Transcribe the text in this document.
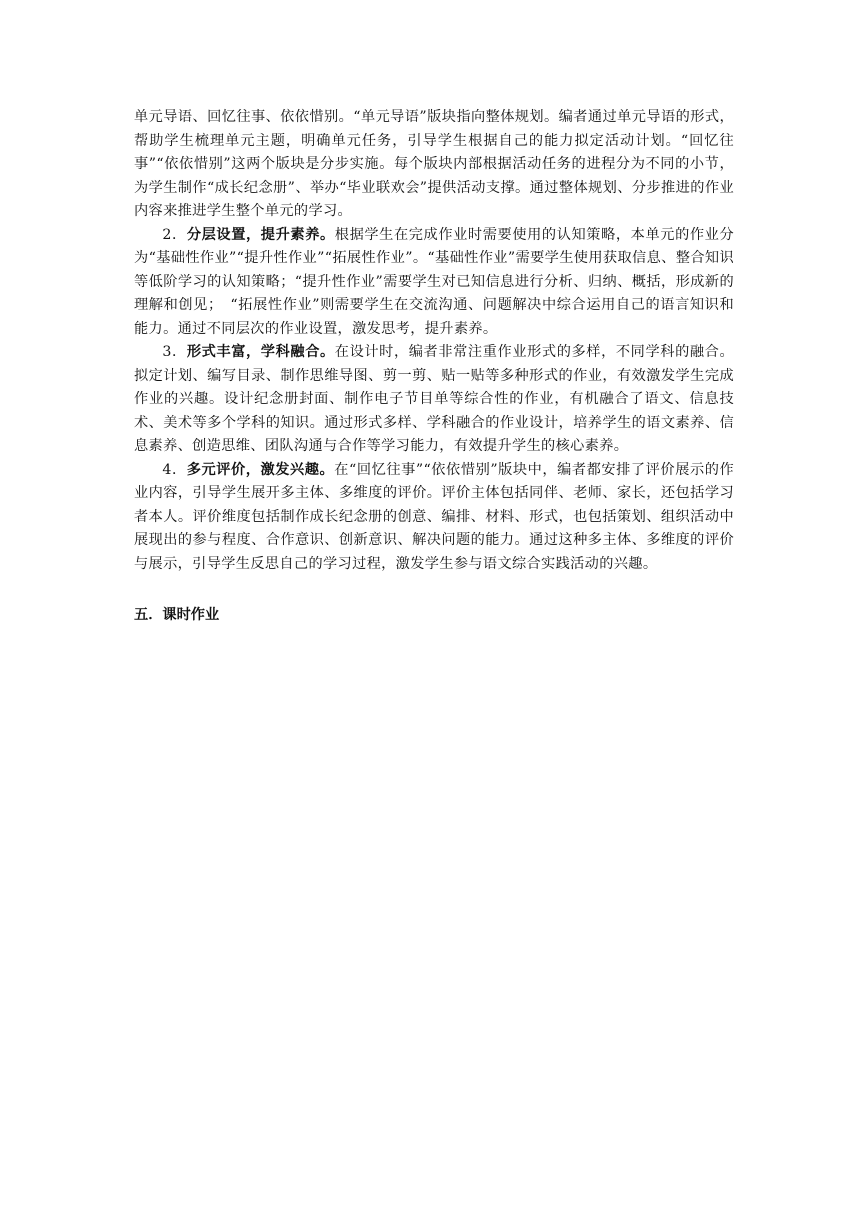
单元导语、回忆往事、依依惜别。“单元导语”版块指向整体规划。编者通过单元导语的形式，帮助学生梳理单元主题，明确单元任务，引导学生根据自己的能力拟定活动计划。“回忆往事”“依依惜别”这两个版块是分步实施。每个版块内部根据活动任务的进程分为不同的小节，为学生制作“成长纪念册”、举办“毕业联欢会”提供活动支撑。通过整体规划、分步推进的作业内容来推进学生整个单元的学习。

2．分层设置，提升素养。根据学生在完成作业时需要使用的认知策略，本单元的作业分为“基础性作业”“提升性作业”“拓展性作业”。“基础性作业”需要学生使用获取信息、整合知识等低阶学习的认知策略；“提升性作业”需要学生对已知信息进行分析、归纳、概括，形成新的理解和创见；　“拓展性作业”则需要学生在交流沟通、问题解决中综合运用自己的语言知识和能力。通过不同层次的作业设置，激发思考，提升素养。

3．形式丰富，学科融合。在设计时，编者非常注重作业形式的多样，不同学科的融合。拟定计划、编写目录、制作思维导图、剪一剪、贴一贴等多种形式的作业，有效激发学生完成作业的兴趣。设计纪念册封面、制作电子节目单等综合性的作业，有机融合了语文、信息技术、美术等多个学科的知识。通过形式多样、学科融合的作业设计，培养学生的语文素养、信息素养、创造思维、团队沟通与合作等学习能力，有效提升学生的核心素养。

4．多元评价，激发兴趣。在“回忆往事”“依依惜别”版块中，编者都安排了评价展示的作业内容，引导学生展开多主体、多维度的评价。评价主体包括同伴、老师、家长，还包括学习者本人。评价维度包括制作成长纪念册的创意、编排、材料、形式，也包括策划、组织活动中展现出的参与程度、合作意识、创新意识、解决问题的能力。通过这种多主体、多维度的评价与展示，引导学生反思自己的学习过程，激发学生参与语文综合实践活动的兴趣。

五．课时作业
